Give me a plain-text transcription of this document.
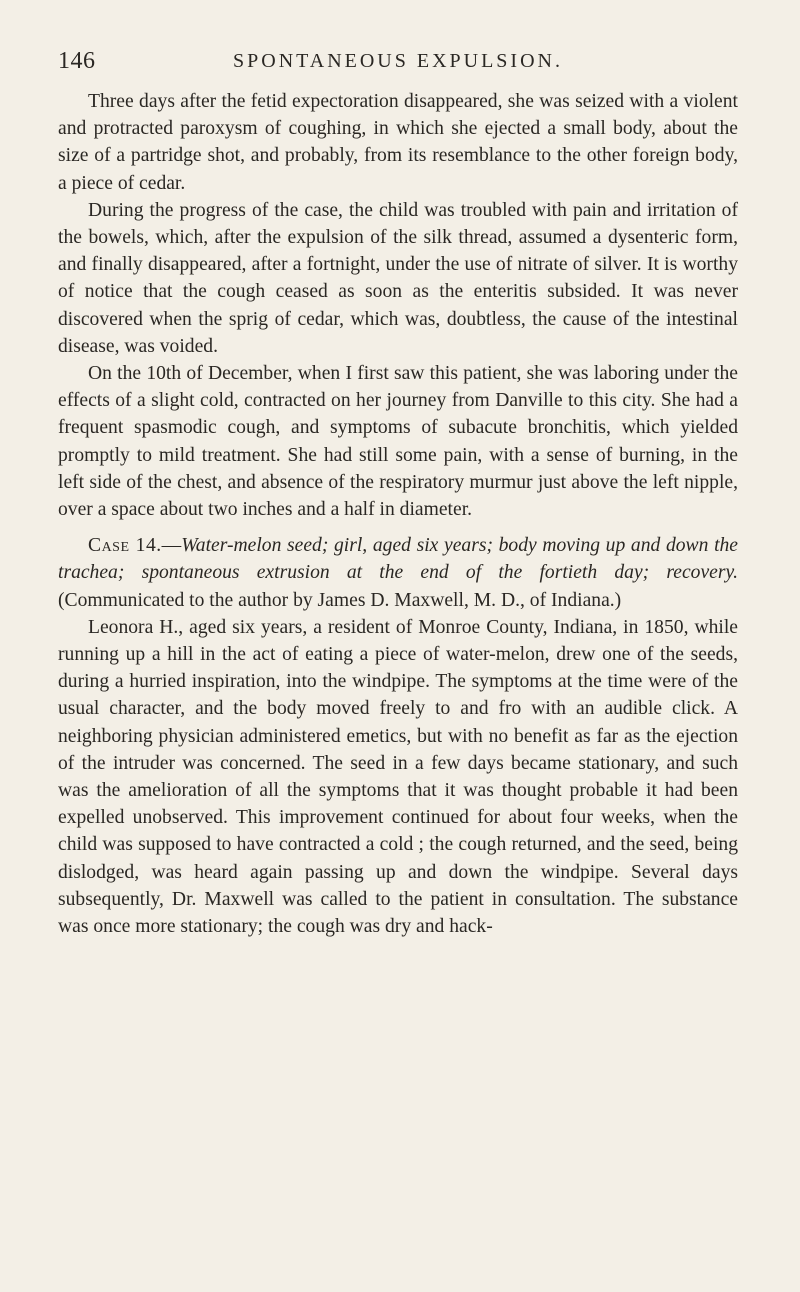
146	SPONTANEOUS EXPULSION.

Three days after the fetid expectoration disappeared, she was seized with a violent and protracted paroxysm of coughing, in which she ejected a small body, about the size of a partridge shot, and probably, from its resemblance to the other foreign body, a piece of cedar.

During the progress of the case, the child was troubled with pain and irritation of the bowels, which, after the expulsion of the silk thread, assumed a dysenteric form, and finally disappeared, after a fortnight, under the use of nitrate of silver. It is worthy of notice that the cough ceased as soon as the enteritis subsided. It was never discovered when the sprig of cedar, which was, doubtless, the cause of the intestinal disease, was voided.

On the 10th of December, when I first saw this patient, she was laboring under the effects of a slight cold, contracted on her journey from Danville to this city. She had a frequent spasmodic cough, and symptoms of subacute bronchitis, which yielded promptly to mild treatment. She had still some pain, with a sense of burning, in the left side of the chest, and absence of the respiratory murmur just above the left nipple, over a space about two inches and a half in diameter.

Case 14.—Water-melon seed; girl, aged six years; body moving up and down the trachea; spontaneous extrusion at the end of the fortieth day; recovery. (Communicated to the author by James D. Maxwell, M. D., of Indiana.)

Leonora H., aged six years, a resident of Monroe County, Indiana, in 1850, while running up a hill in the act of eating a piece of water-melon, drew one of the seeds, during a hurried inspiration, into the windpipe. The symptoms at the time were of the usual character, and the body moved freely to and fro with an audible click. A neighboring physician administered emetics, but with no benefit as far as the ejection of the intruder was concerned. The seed in a few days became stationary, and such was the amelioration of all the symptoms that it was thought probable it had been expelled unobserved. This improvement continued for about four weeks, when the child was supposed to have contracted a cold ; the cough returned, and the seed, being dislodged, was heard again passing up and down the windpipe. Several days subsequently, Dr. Maxwell was called to the patient in consultation. The substance was once more stationary; the cough was dry and hack-
